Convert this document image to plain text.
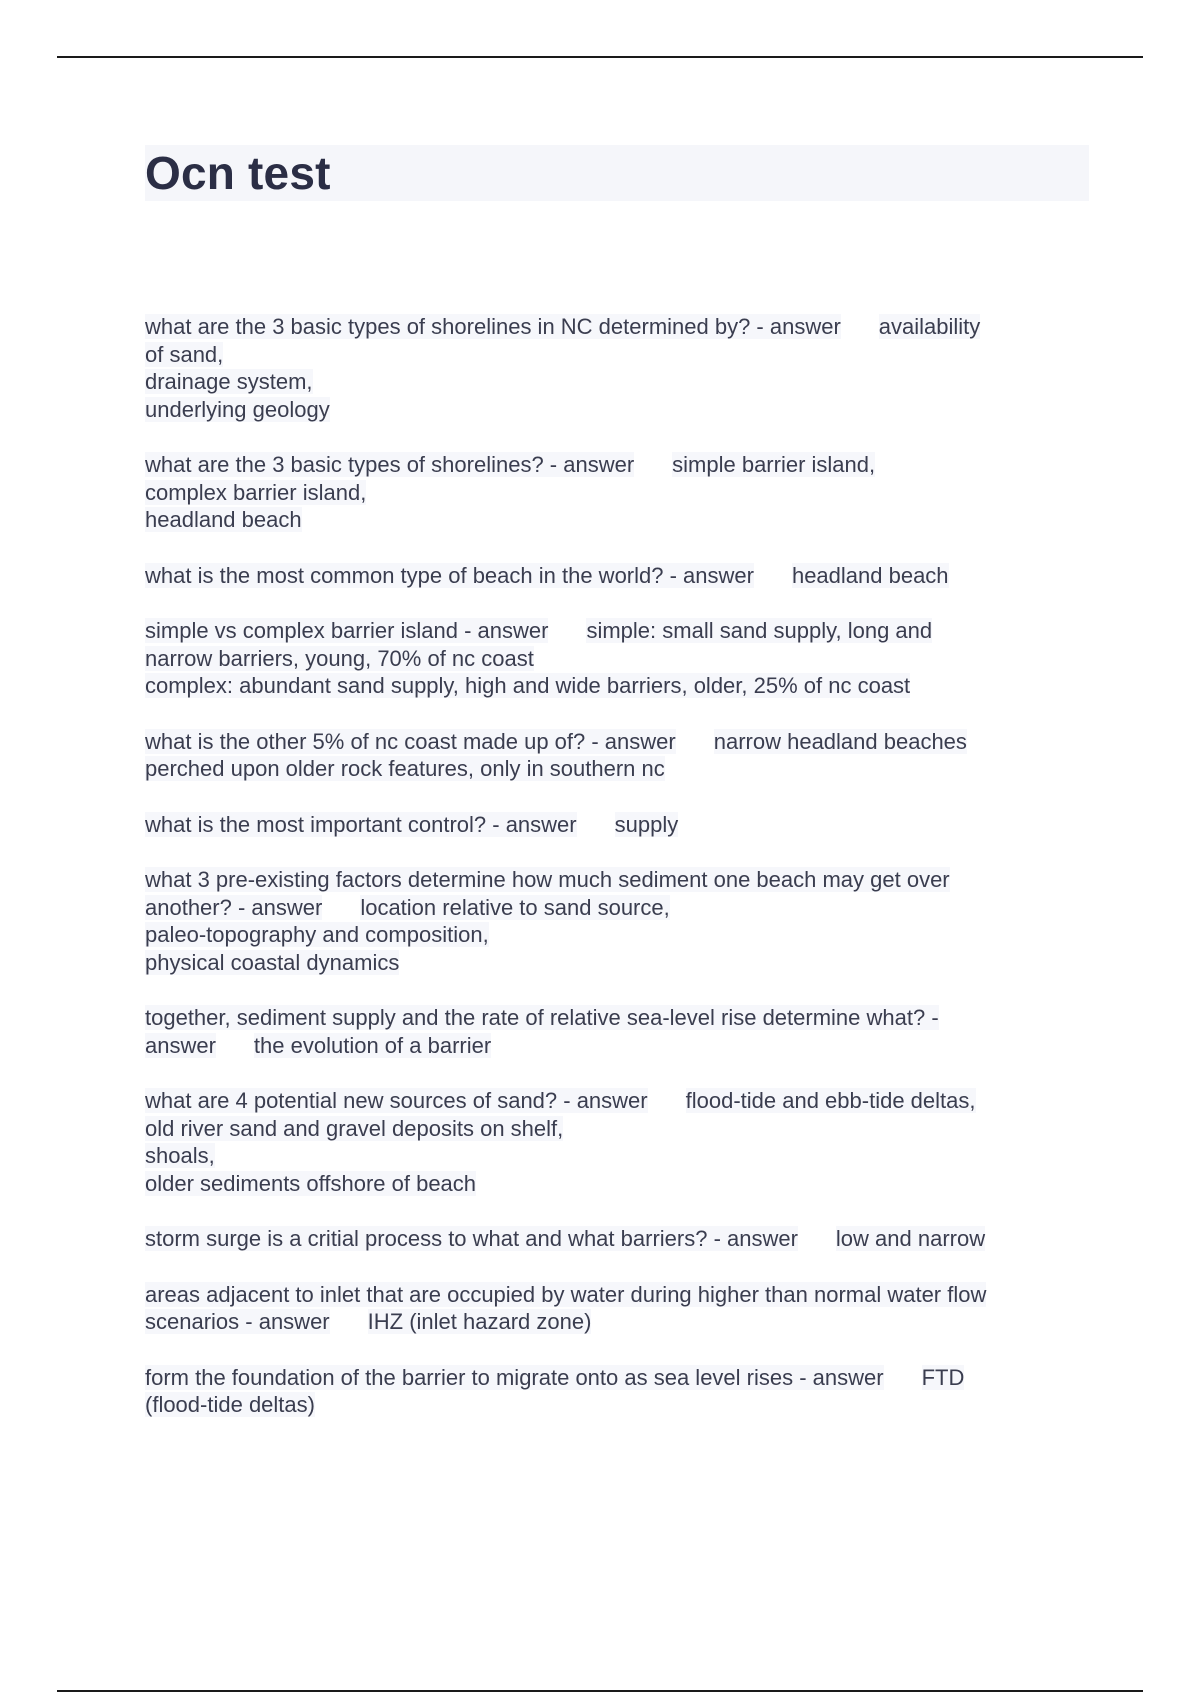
Ocn test
what are the 3 basic types of shorelines in NC determined by? - answer availability
of sand,
drainage system,
underlying geology
what are the 3 basic types of shorelines? - answer simple barrier island,
complex barrier island,
headland beach
what is the most common type of beach in the world? - answer headland beach
simple vs complex barrier island - answer simple: small sand supply, long and
narrow barriers, young, 70% of nc coast
complex: abundant sand supply, high and wide barriers, older, 25% of nc coast
what is the other 5% of nc coast made up of? - answer narrow headland beaches
perched upon older rock features, only in southern nc
what is the most important control? - answer supply
what 3 pre-existing factors determine how much sediment one beach may get over
another? - answer location relative to sand source,
paleo-topography and composition,
physical coastal dynamics
together, sediment supply and the rate of relative sea-level rise determine what? -
answer the evolution of a barrier
what are 4 potential new sources of sand? - answer flood-tide and ebb-tide deltas,
old river sand and gravel deposits on shelf,
shoals,
older sediments offshore of beach
storm surge is a critial process to what and what barriers? - answer low and narrow
areas adjacent to inlet that are occupied by water during higher than normal water flow
scenarios - answer IHZ (inlet hazard zone)
form the foundation of the barrier to migrate onto as sea level rises - answer FTD
(flood-tide deltas)
